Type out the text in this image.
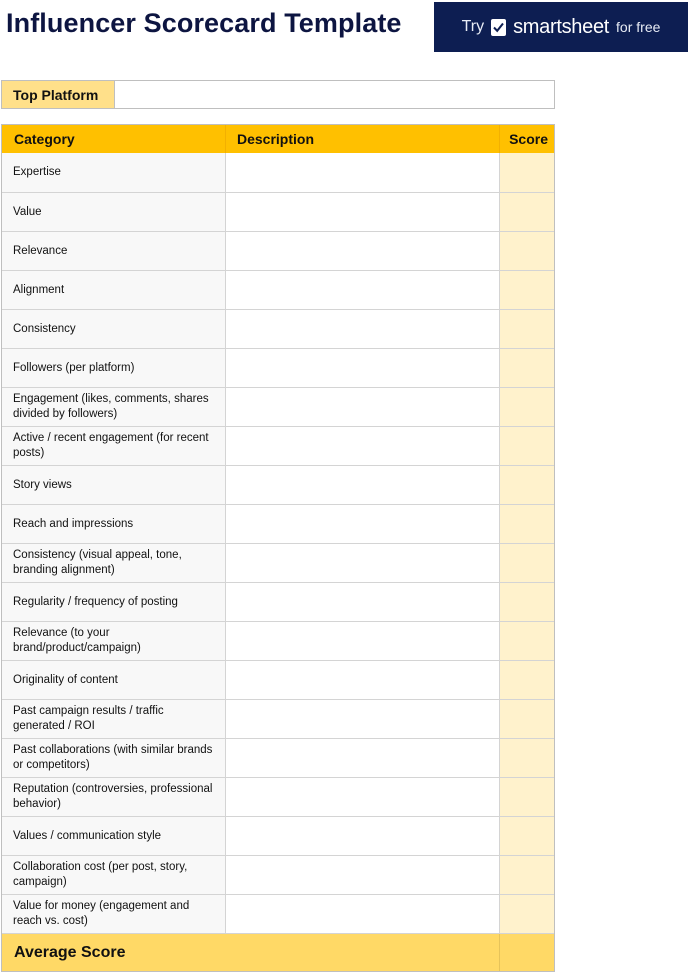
Influencer Scorecard Template	Try smartsheet for free
Top Platform
Category	Description	Score
Expertise
Value
Relevance
Alignment
Consistency
Followers (per platform)
Engagement (likes, comments, shares divided by followers)
Active / recent engagement (for recent posts)
Story views
Reach and impressions
Consistency (visual appeal, tone, branding alignment)
Regularity / frequency of posting
Relevance (to your brand/product/campaign)
Originality of content
Past campaign results / traffic generated / ROI
Past collaborations (with similar brands or competitors)
Reputation (controversies, professional behavior)
Values / communication style
Collaboration cost (per post, story, campaign)
Value for money (engagement and reach vs. cost)
Average Score
